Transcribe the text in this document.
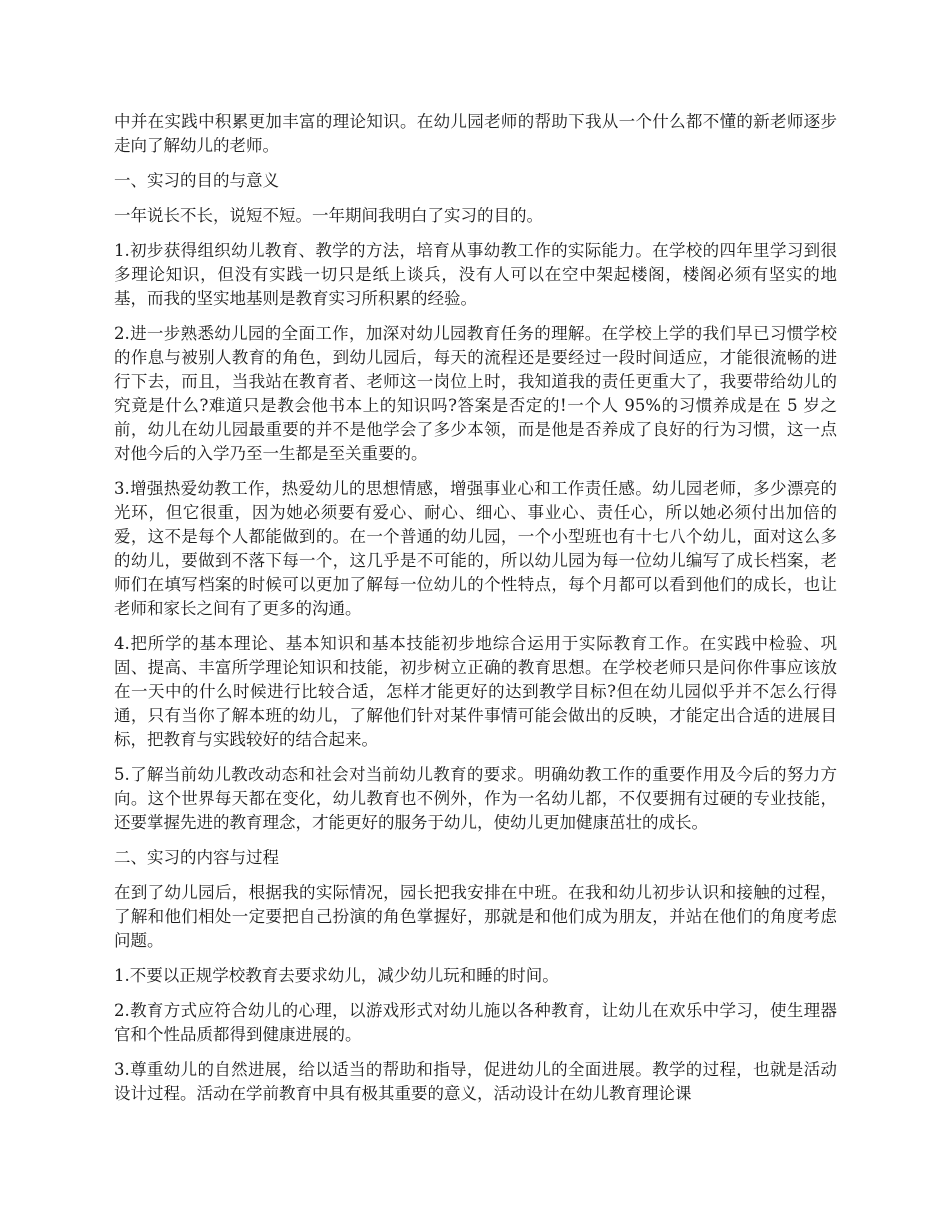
中并在实践中积累更加丰富的理论知识。在幼儿园老师的帮助下我从一个什么都不懂的新老师逐步走向了解幼儿的老师。

一、实习的目的与意义

一年说长不长，说短不短。一年期间我明白了实习的目的。

1.初步获得组织幼儿教育、教学的方法，培育从事幼教工作的实际能力。在学校的四年里学习到很多理论知识，但没有实践一切只是纸上谈兵，没有人可以在空中架起楼阁，楼阁必须有坚实的地基，而我的坚实地基则是教育实习所积累的经验。

2.进一步熟悉幼儿园的全面工作，加深对幼儿园教育任务的理解。在学校上学的我们早已习惯学校的作息与被别人教育的角色，到幼儿园后，每天的流程还是要经过一段时间适应，才能很流畅的进行下去，而且，当我站在教育者、老师这一岗位上时，我知道我的责任更重大了，我要带给幼儿的究竟是什么?难道只是教会他书本上的知识吗?答案是否定的!一个人 95%的习惯养成是在 5 岁之前，幼儿在幼儿园最重要的并不是他学会了多少本领，而是他是否养成了良好的行为习惯，这一点对他今后的入学乃至一生都是至关重要的。

3.增强热爱幼教工作，热爱幼儿的思想情感，增强事业心和工作责任感。幼儿园老师，多少漂亮的光环，但它很重，因为她必须要有爱心、耐心、细心、事业心、责任心，所以她必须付出加倍的爱，这不是每个人都能做到的。在一个普通的幼儿园，一个小型班也有十七八个幼儿，面对这么多的幼儿，要做到不落下每一个，这几乎是不可能的，所以幼儿园为每一位幼儿编写了成长档案，老师们在填写档案的时候可以更加了解每一位幼儿的个性特点，每个月都可以看到他们的成长，也让老师和家长之间有了更多的沟通。

4.把所学的基本理论、基本知识和基本技能初步地综合运用于实际教育工作。在实践中检验、巩固、提高、丰富所学理论知识和技能，初步树立正确的教育思想。在学校老师只是问你件事应该放在一天中的什么时候进行比较合适，怎样才能更好的达到教学目标?但在幼儿园似乎并不怎么行得通，只有当你了解本班的幼儿，了解他们针对某件事情可能会做出的反映，才能定出合适的进展目标，把教育与实践较好的结合起来。

5.了解当前幼儿教改动态和社会对当前幼儿教育的要求。明确幼教工作的重要作用及今后的努力方向。这个世界每天都在变化，幼儿教育也不例外，作为一名幼儿都，不仅要拥有过硬的专业技能，还要掌握先进的教育理念，才能更好的服务于幼儿，使幼儿更加健康茁壮的成长。

二、实习的内容与过程

在到了幼儿园后，根据我的实际情况，园长把我安排在中班。在我和幼儿初步认识和接触的过程，了解和他们相处一定要把自己扮演的角色掌握好，那就是和他们成为朋友，并站在他们的角度考虑问题。

1.不要以正规学校教育去要求幼儿，减少幼儿玩和睡的时间。

2.教育方式应符合幼儿的心理，以游戏形式对幼儿施以各种教育，让幼儿在欢乐中学习，使生理器官和个性品质都得到健康进展的。

3.尊重幼儿的自然进展，给以适当的帮助和指导，促进幼儿的全面进展。教学的过程，也就是活动设计过程。活动在学前教育中具有极其重要的意义，活动设计在幼儿教育理论课
